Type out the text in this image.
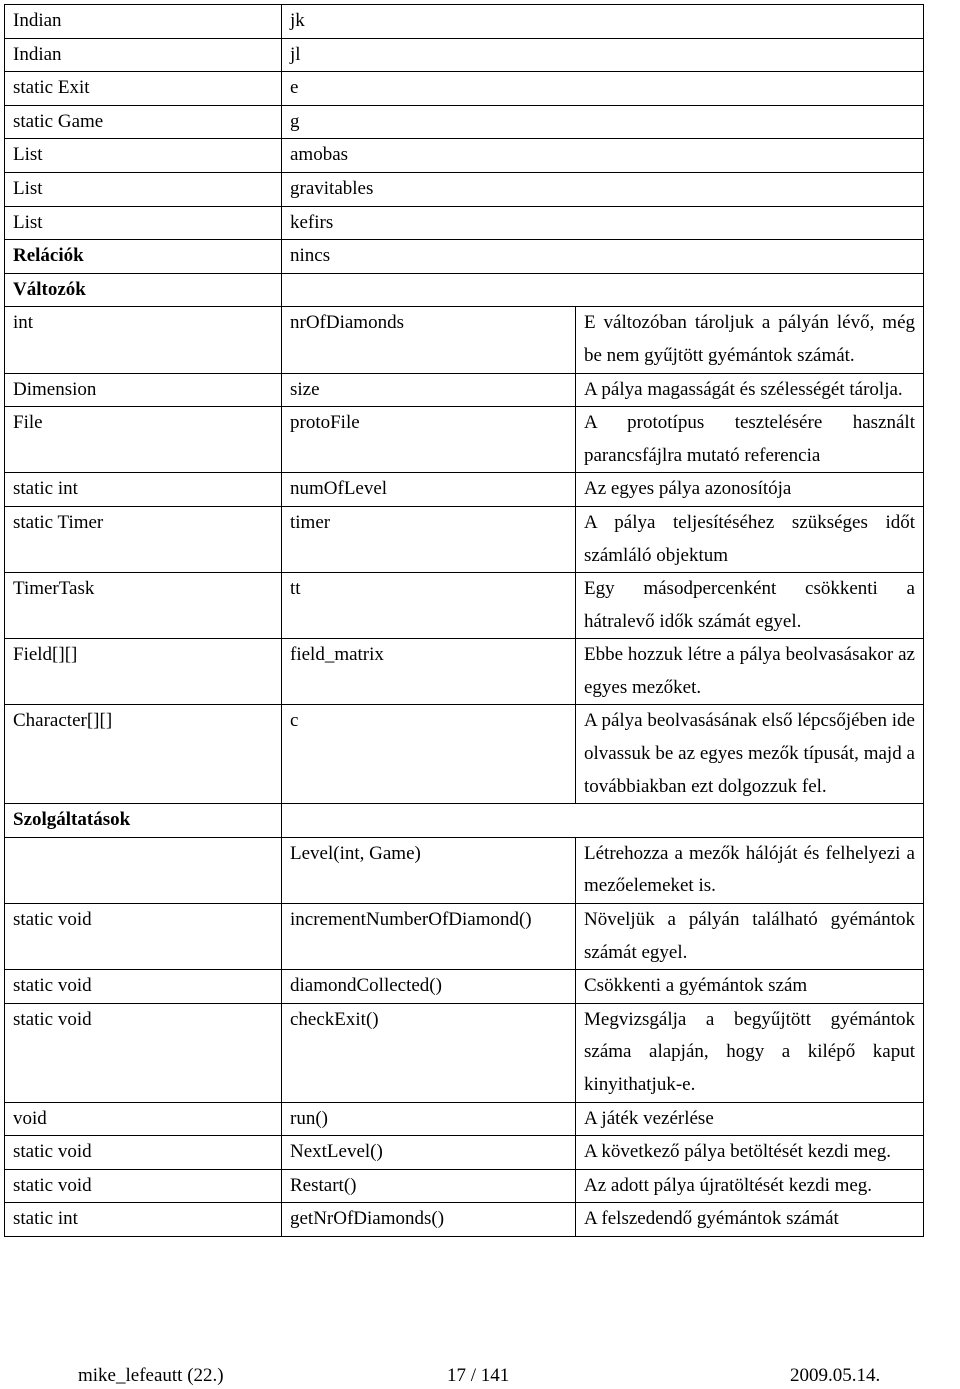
Indian	jk	
Indian	jl	
static Exit	e	
static Game	g	
List	amobas	
List	gravitables	
List	kefirs	
Relációk	nincs	
Változók		
int	nrOfDiamonds	E változóban tároljuk a pályán lévő, még be nem gyűjtött gyémántok számát.
Dimension	size	A pálya magasságát és szélességét tárolja.
File	protoFile	A prototípus tesztelésére használt parancsfájlra mutató referencia
static int	numOfLevel	Az egyes pálya azonosítója
static Timer	timer	A pálya teljesítéséhez szükséges időt számláló objektum
TimerTask	tt	Egy másodpercenként csökkenti a hátralevő idők számát egyel.
Field[][]	field_matrix	Ebbe hozzuk létre a pálya beolvasásakor az egyes mezőket.
Character[][]	c	A pálya beolvasásának első lépcsőjében ide olvassuk be az egyes mezők típusát, majd a továbbiakban ezt dolgozzuk fel.
Szolgáltatások		
	Level(int, Game)	Létrehozza a mezők hálóját és felhelyezi a mezőelemeket is.
static void	incrementNumberOfDiamond()	Növeljük a pályán található gyémántok számát egyel.
static void	diamondCollected()	Csökkenti a gyémántok szám
static void	checkExit()	Megvizsgálja a begyűjtött gyémántok száma alapján, hogy a kilépő kaput kinyithatjuk-e.
void	run()	A játék vezérlése
static void	NextLevel()	A következő pálya betöltését kezdi meg.
static void	Restart()	Az adott pálya újratöltését kezdi meg.
static int	getNrOfDiamonds()	A felszedendő gyémántok számát
mike_lefeautt (22.)	17 / 141	2009.05.14.
